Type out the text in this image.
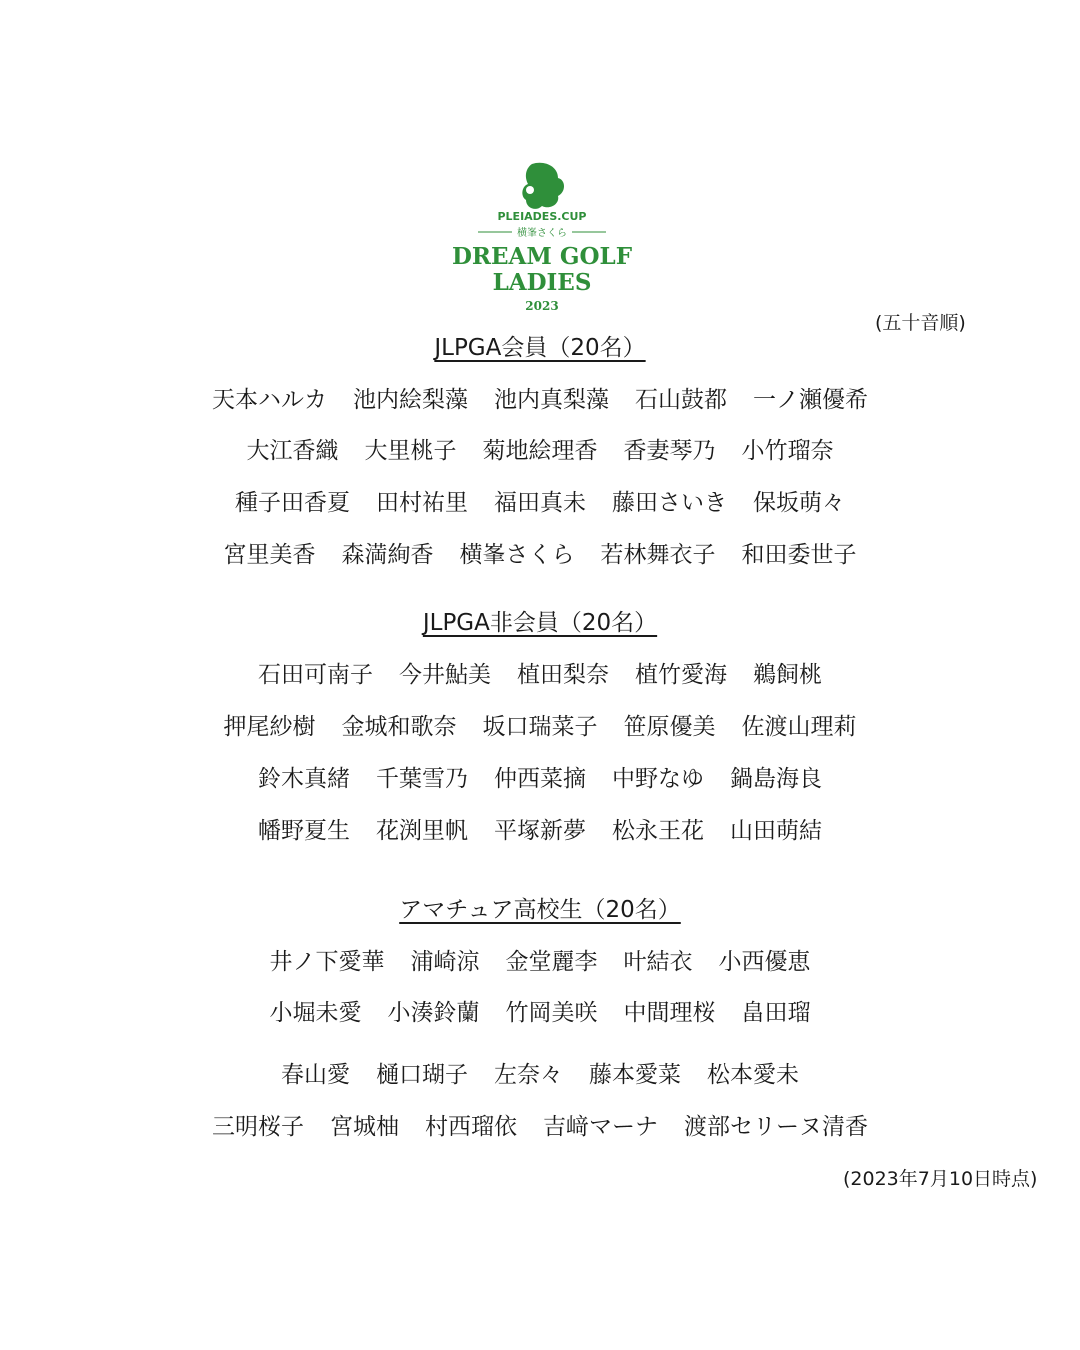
PLEIADES.CUP
横峯さくら
DREAM GOLF
LADIES
2023
(五十音順)
JLPGA会員（20名）
天本ハルカ 池内絵梨藻 池内真梨藻 石山鼓都 一ノ瀬優希
大江香織 大里桃子 菊地絵理香 香妻琴乃 小竹瑠奈
種子田香夏 田村祐里 福田真未 藤田さいき 保坂萌々
宮里美香 森満絢香 横峯さくら 若林舞衣子 和田委世子
JLPGA非会員（20名）
石田可南子 今井鮎美 植田梨奈 植竹愛海 鵜飼桃
押尾紗樹 金城和歌奈 坂口瑞菜子 笹原優美 佐渡山理莉
鈴木真緒 千葉雪乃 仲西菜摘 中野なゆ 鍋島海良
幡野夏生 花渕里帆 平塚新夢 松永王花 山田萌結
アマチュア高校生（20名）
井ノ下愛華 浦崎涼 金堂麗李 叶結衣 小西優恵
小堀未愛 小湊鈴蘭 竹岡美咲 中間理桜 畠田瑠
春山愛 樋口瑚子 左奈々 藤本愛菜 松本愛未
三明桜子 宮城柚 村西瑠依 吉﨑マーナ 渡部セリーヌ清香
(2023年7月10日時点)
